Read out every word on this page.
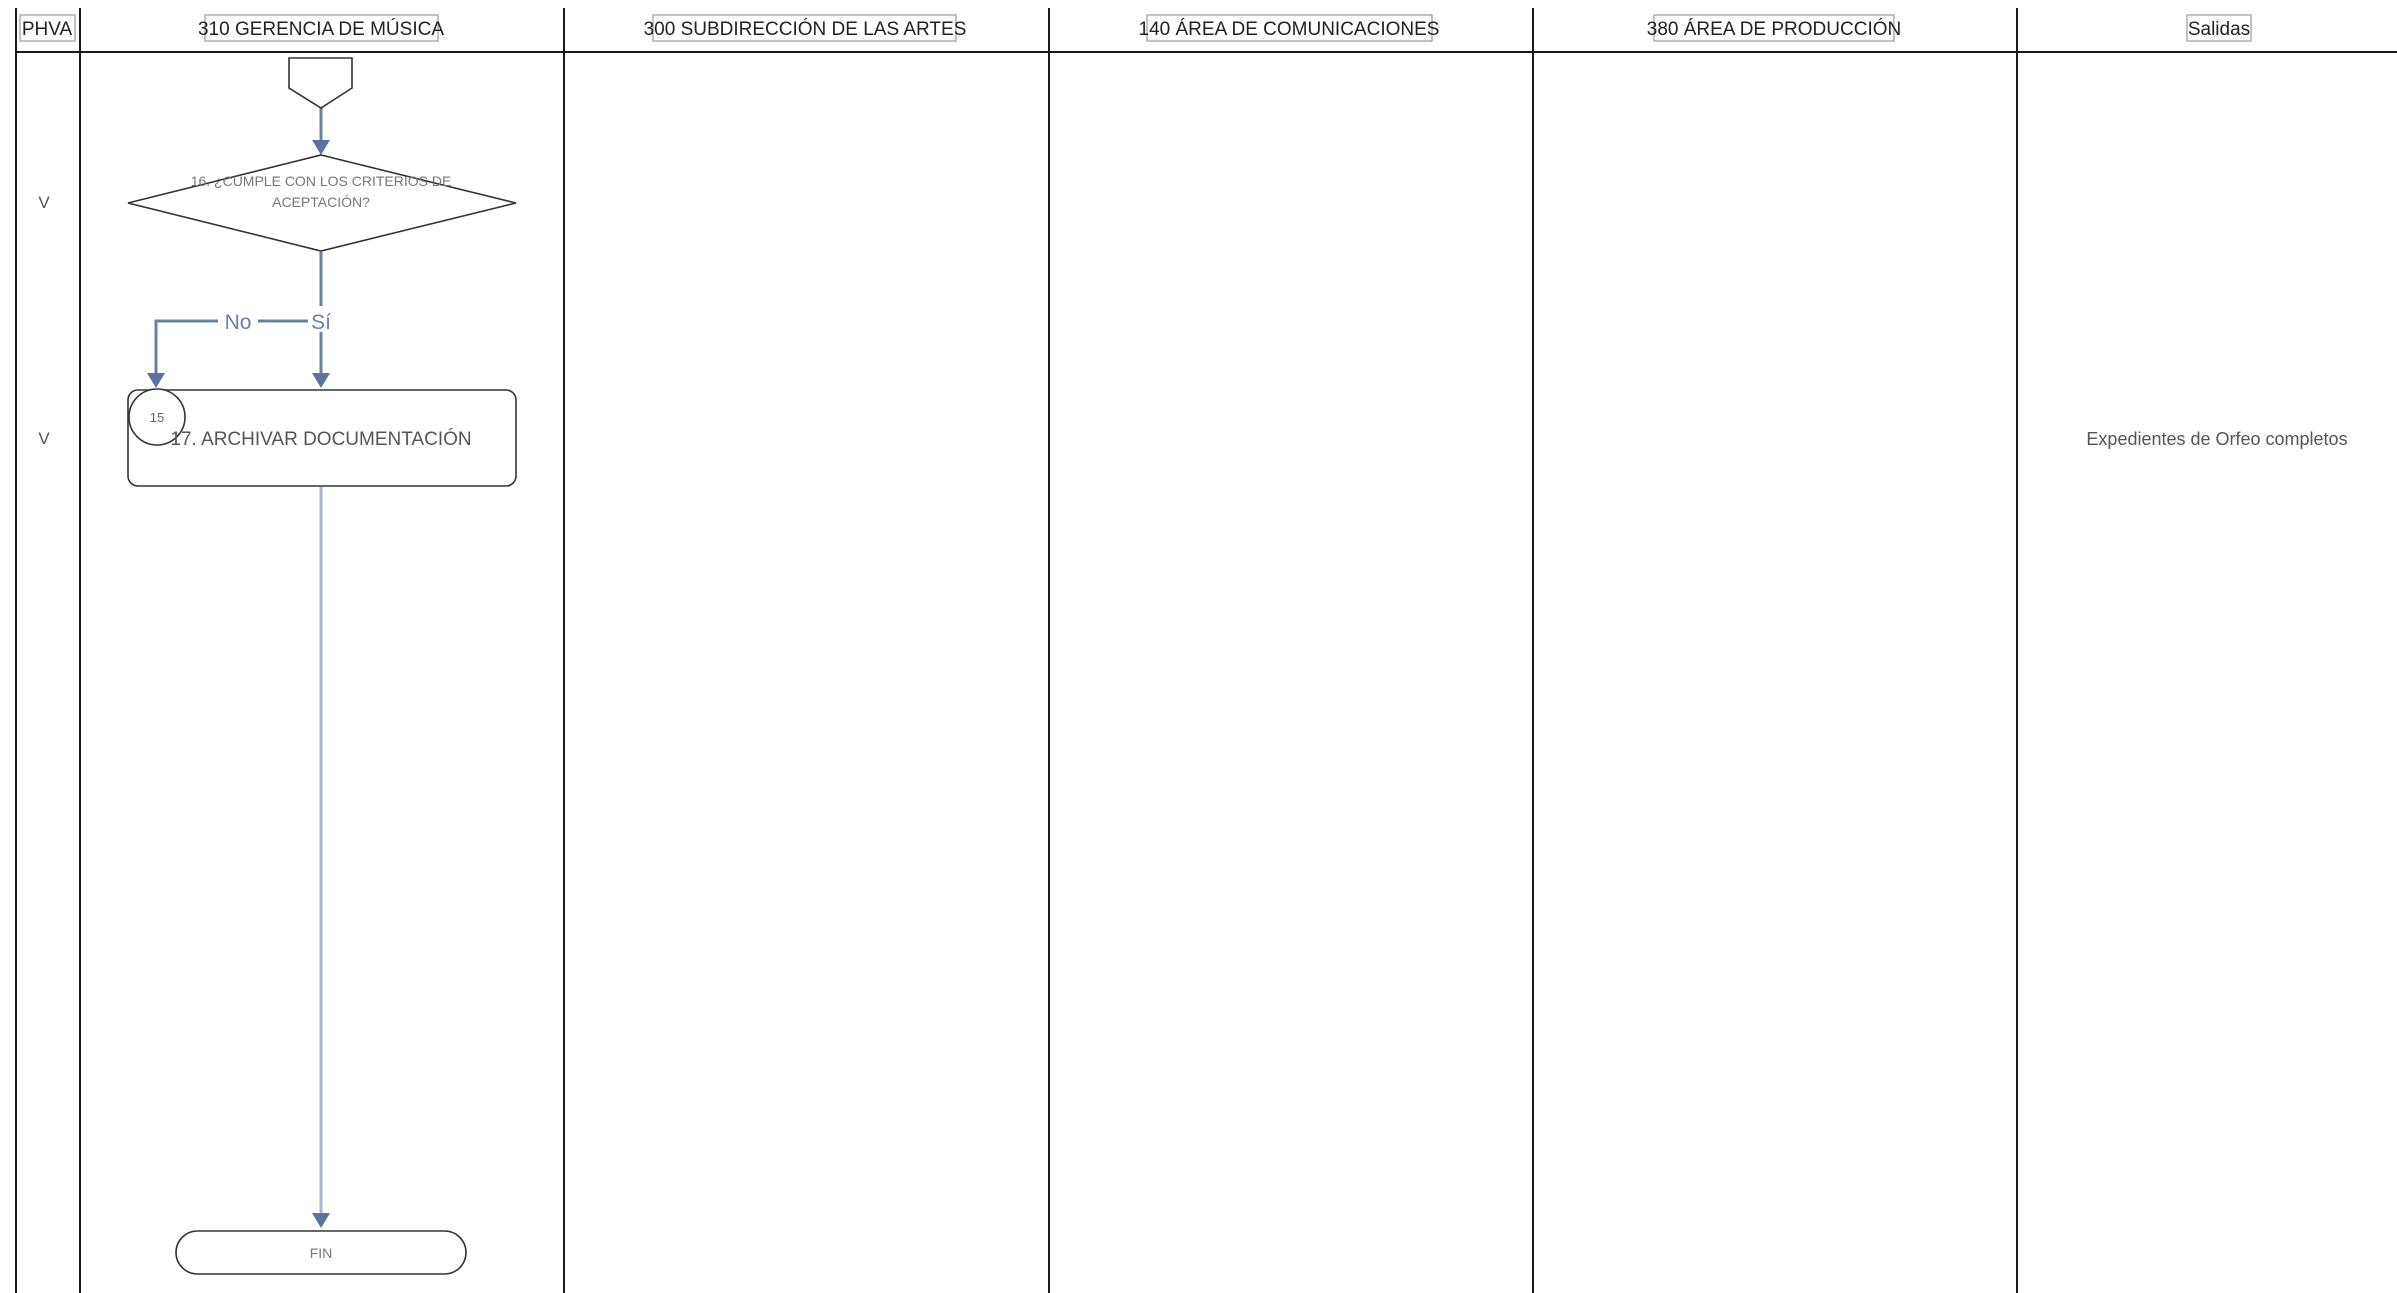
PHVA	310 GERENCIA DE MÚSICA	300 SUBDIRECCIÓN DE LAS ARTES	140 ÁREA DE COMUNICACIONES	380 ÁREA DE PRODUCCIÓN	Salidas
V
V
16. ¿CUMPLE CON LOS CRITERIOS DE
ACEPTACIÓN?
No	Sí
15
17. ARCHIVAR DOCUMENTACIÓN
FIN
Expedientes de Orfeo completos
